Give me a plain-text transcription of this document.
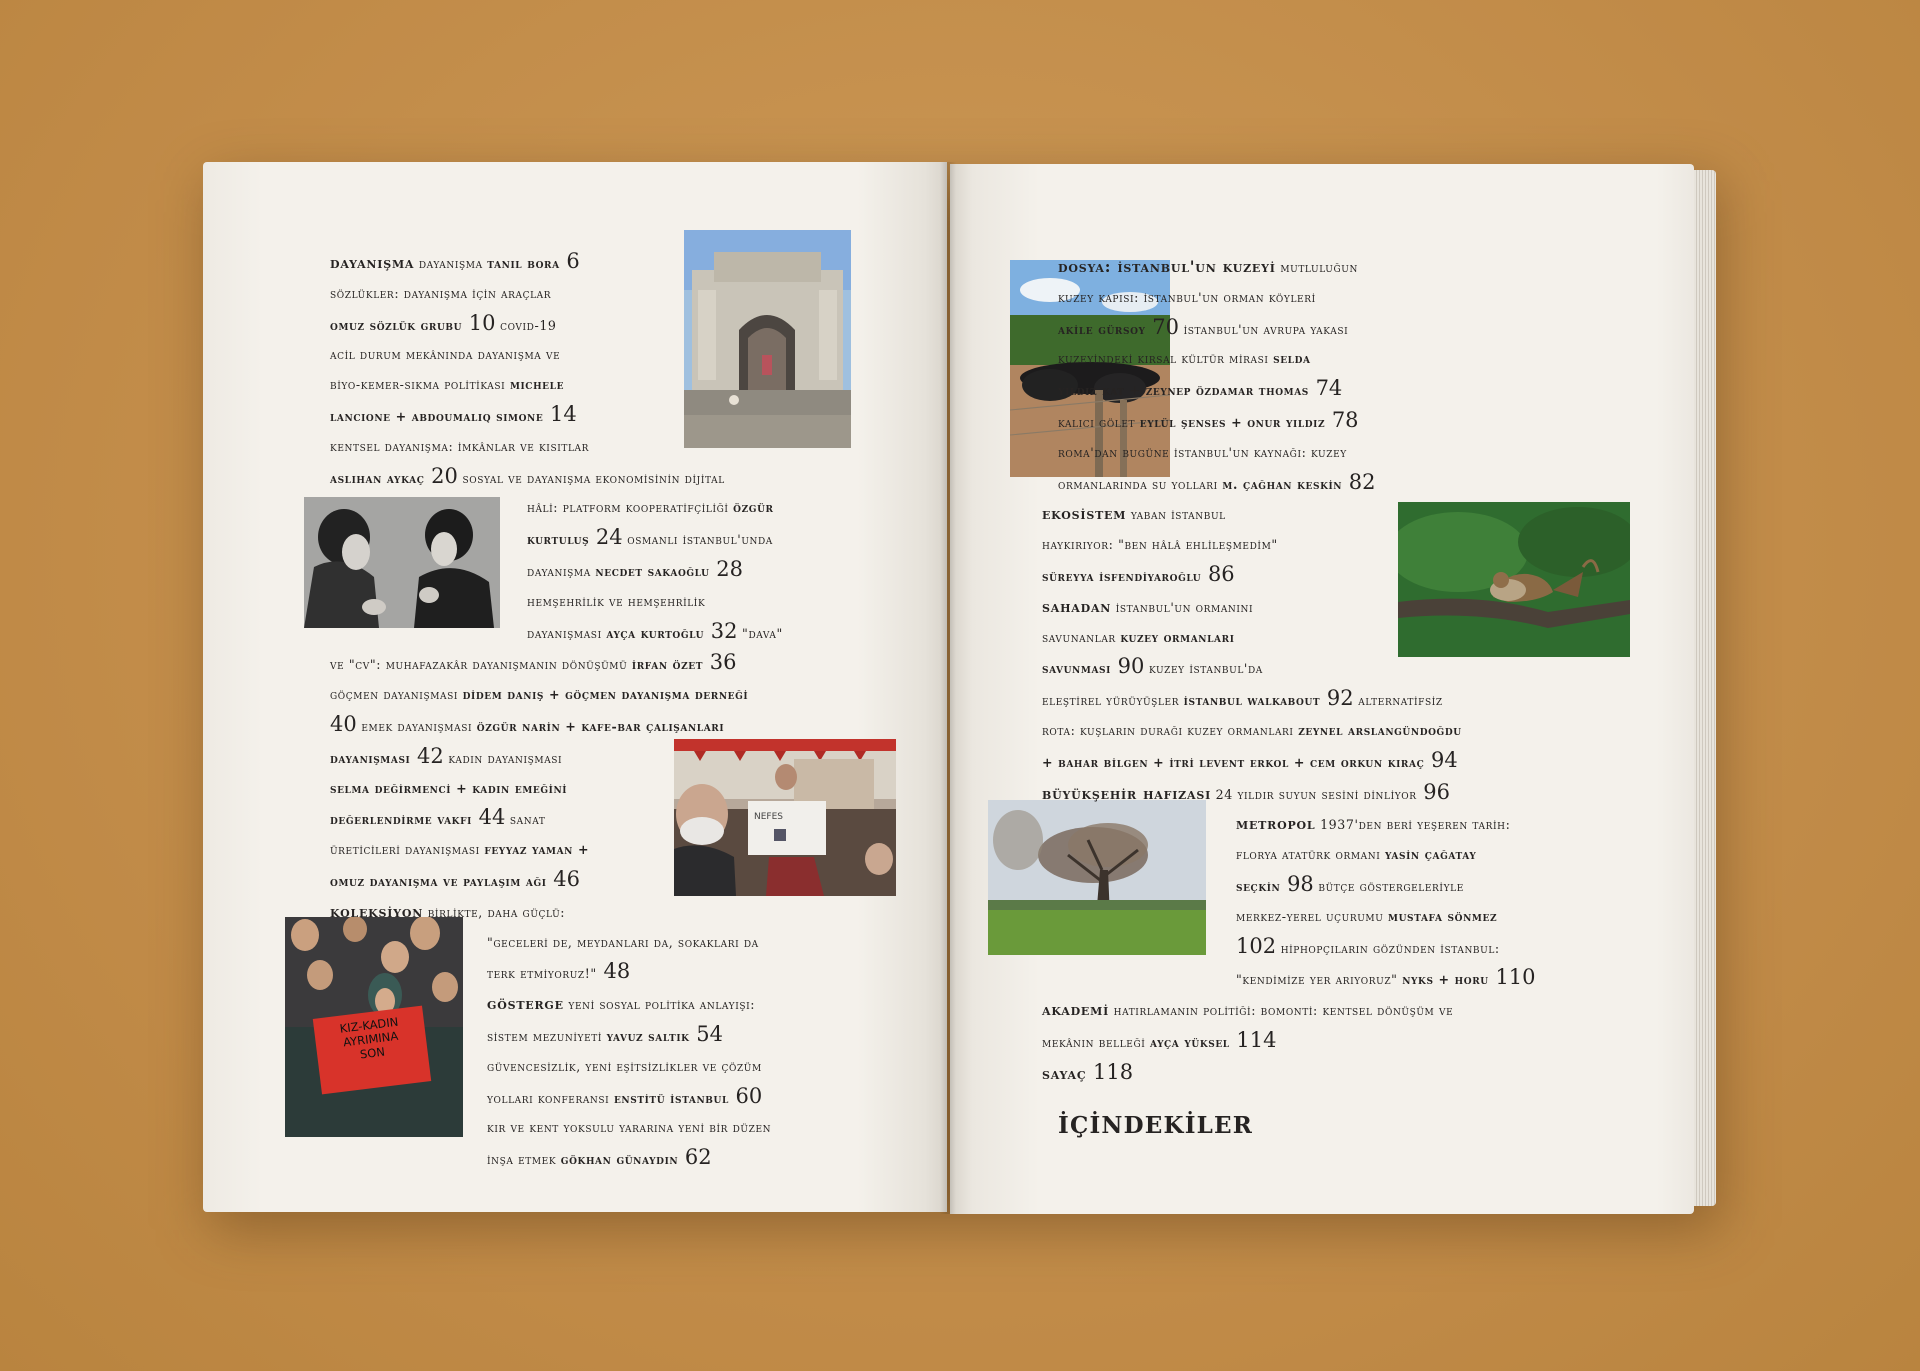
NEFES
KIZ-KADIN AYRIMINA SON
dayanişma dayanişma tanil bora 6
sözlükler: dayanişma i̇çi̇n araçlar
omuz sözlük grubu 10 covid-19
aci̇l durum mekâninda dayanişma ve
bi̇yo-kemer-sikma poli̇ti̇kasi michele
lancione + abdoumaliq simone 14
kentsel dayanişma: i̇mkânlar ve kisitlar
aslihan aykaç 20 sosyal ve dayanişma ekonomi̇si̇ni̇n di̇ji̇tal
hâli̇: platform kooperati̇fçi̇li̇ği̇ özgür
kurtuluş 24 osmanli i̇stanbul'unda
dayanişma necdet sakaoğlu 28
hemşehri̇li̇k ve hemşehri̇li̇k
dayanişmasi ayça kurtoğlu 32 "dava"
ve "cv": muhafazakâr dayanişmanin dönüşümü i̇rfan özet 36
göçmen dayanişmasi di̇dem daniş + göçmen dayanişma derneği̇
40 emek dayanişmasi özgür nari̇n + kafe-bar çalişanlari
dayanişmasi 42 kadin dayanişmasi
selma deği̇rmenci̇ + kadin emeği̇ni̇
değerlendi̇rme vakfi 44 sanat
üreti̇ci̇leri̇ dayanişmasi feyyaz yaman +
omuz dayanişma ve paylaşim aği 46
koleksi̇yon bi̇rli̇kte, daha güçlü:
"geceleri̇ de, meydanlari da, sokaklari da
terk etmi̇yoruz!" 48
gösterge yeni̇ sosyal poli̇ti̇ka anlayişi:
si̇stem mezuni̇yeti̇ yavuz saltik 54
güvencesi̇zli̇k, yeni̇ eşi̇tsi̇zli̇kler ve çözüm
yollari konferansi ensti̇tü i̇stanbul 60
kir ve kent yoksulu yararina yeni̇ bi̇r düzen
i̇nşa etmek gökhan günaydin 62
dosya: i̇stanbul'un kuzeyi̇ mutluluğun
kuzey kapisi: i̇stanbul'un orman köyleri̇
aki̇le gürsoy 70 i̇stanbul'un avrupa yakasi
kuzeyi̇ndeki̇ kirsal kültür mi̇rasi selda
yildiz kat + zeynep özdamar thomas 74
kalici gölet eylül şenses + onur yildiz 78
roma'dan bugüne i̇stanbul'un kaynaği: kuzey
ormanlarinda su yollari m. çağhan keski̇n 82
ekosi̇stem yaban i̇stanbul
haykiriyor: "ben hâlâ ehli̇leşmedi̇m"
süreyya i̇sfendi̇yaroğlu 86
sahadan i̇stanbul'un ormanini
savunanlar kuzey ormanlari
savunmasi 90 kuzey i̇stanbul'da
eleşti̇rel yürüyüşler i̇stanbul walkabout 92 alternati̇fsi̇z
rota: kuşlarin duraği kuzey ormanlari zeynel arslangündoğdu
+ bahar bi̇lgen + i̇tri̇ levent erkol + cem orkun kiraç 94
büyükşehi̇r hafizasi 24 yildir suyun sesi̇ni̇ di̇nli̇yor 96
metropol 1937'den beri̇ yeşeren tari̇h:
florya atatürk ormani yasi̇n çağatay
seçki̇n 98 bütçe göstergeleri̇yle
merkez-yerel uçurumu mustafa sönmez
102 hi̇phopçilarin gözünden i̇stanbul:
"kendi̇mi̇ze yer ariyoruz" nyks + horu 110
akademi̇ hatirlamanin poli̇ti̇ği̇: bomonti̇: kentsel dönüşüm ve
mekânin belleği̇ ayça yüksel 114
sayaç 118
İÇİNDEKİLER
